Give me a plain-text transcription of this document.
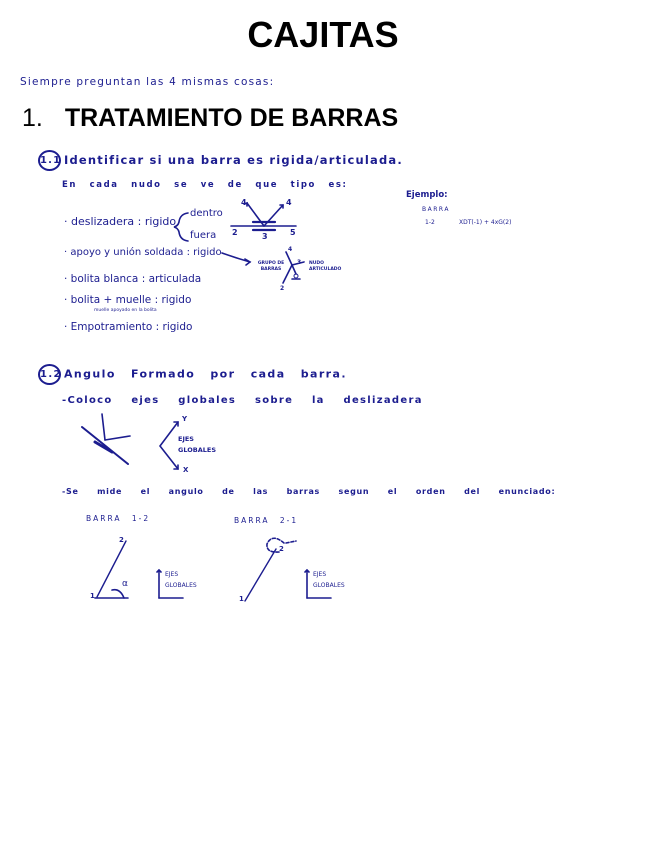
CAJITAS
Siempre preguntan las 4 mismas cosas:
1. TRATAMIENTO DE BARRAS
1.1 Identificar si una barra es rigida/articulada.
En cada nudo se ve de que tipo es:
· deslizadera : rigido
· apoyo y unión soldada : rigido
· bolita blanca : articulada
· bolita + muelle : rigido
muelle apoyado en la bolita
· Empotramiento : rigido
dentro
fuera
4	4
2	3	5
GRUPO DE BARRAS
4
3 NUDO ARTICULADO
2
Ejemplo:
BARRA
1-2	XDT(-1) + 4xG(2)
1.2 Angulo Formado por cada barra.
-Coloco ejes globales sobre la deslizadera
Y
EJES
GLOBALES
X
-Se mide el angulo de las barras segun el orden del enunciado:
BARRA 1-2
2
1
α
EJES
GLOBALES
BARRA 2-1
2
1
EJES
GLOBALES
